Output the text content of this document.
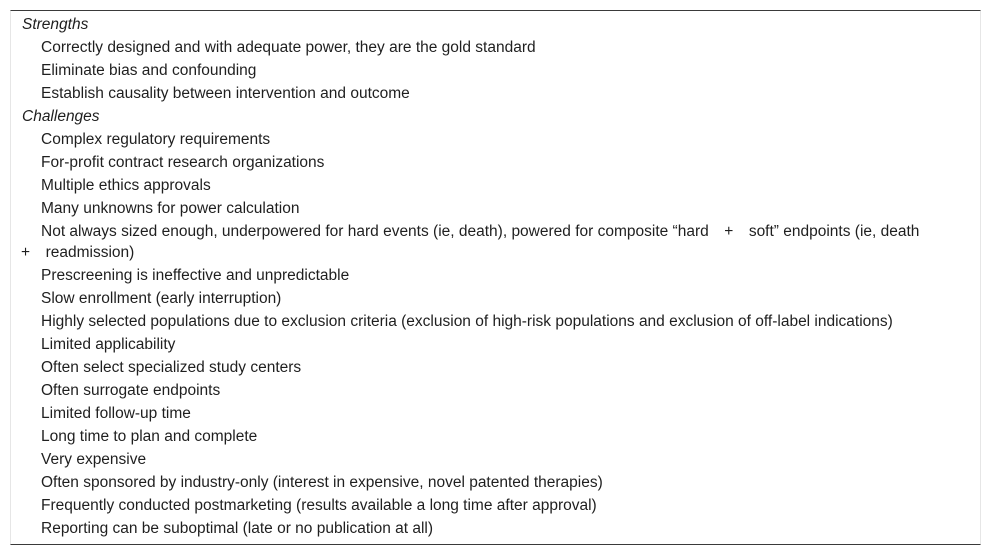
Strengths
Correctly designed and with adequate power, they are the gold standard
Eliminate bias and confounding
Establish causality between intervention and outcome
Challenges
Complex regulatory requirements
For-profit contract research organizations
Multiple ethics approvals
Many unknowns for power calculation
Not always sized enough, underpowered for hard events (ie, death), powered for composite “hard     +     soft” endpoints (ie, death     +     readmission)
Prescreening is ineffective and unpredictable
Slow enrollment (early interruption)
Highly selected populations due to exclusion criteria (exclusion of high-risk populations and exclusion of off-label indications)
Limited applicability
Often select specialized study centers
Often surrogate endpoints
Limited follow-up time
Long time to plan and complete
Very expensive
Often sponsored by industry-only (interest in expensive, novel patented therapies)
Frequently conducted postmarketing (results available a long time after approval)
Reporting can be suboptimal (late or no publication at all)
